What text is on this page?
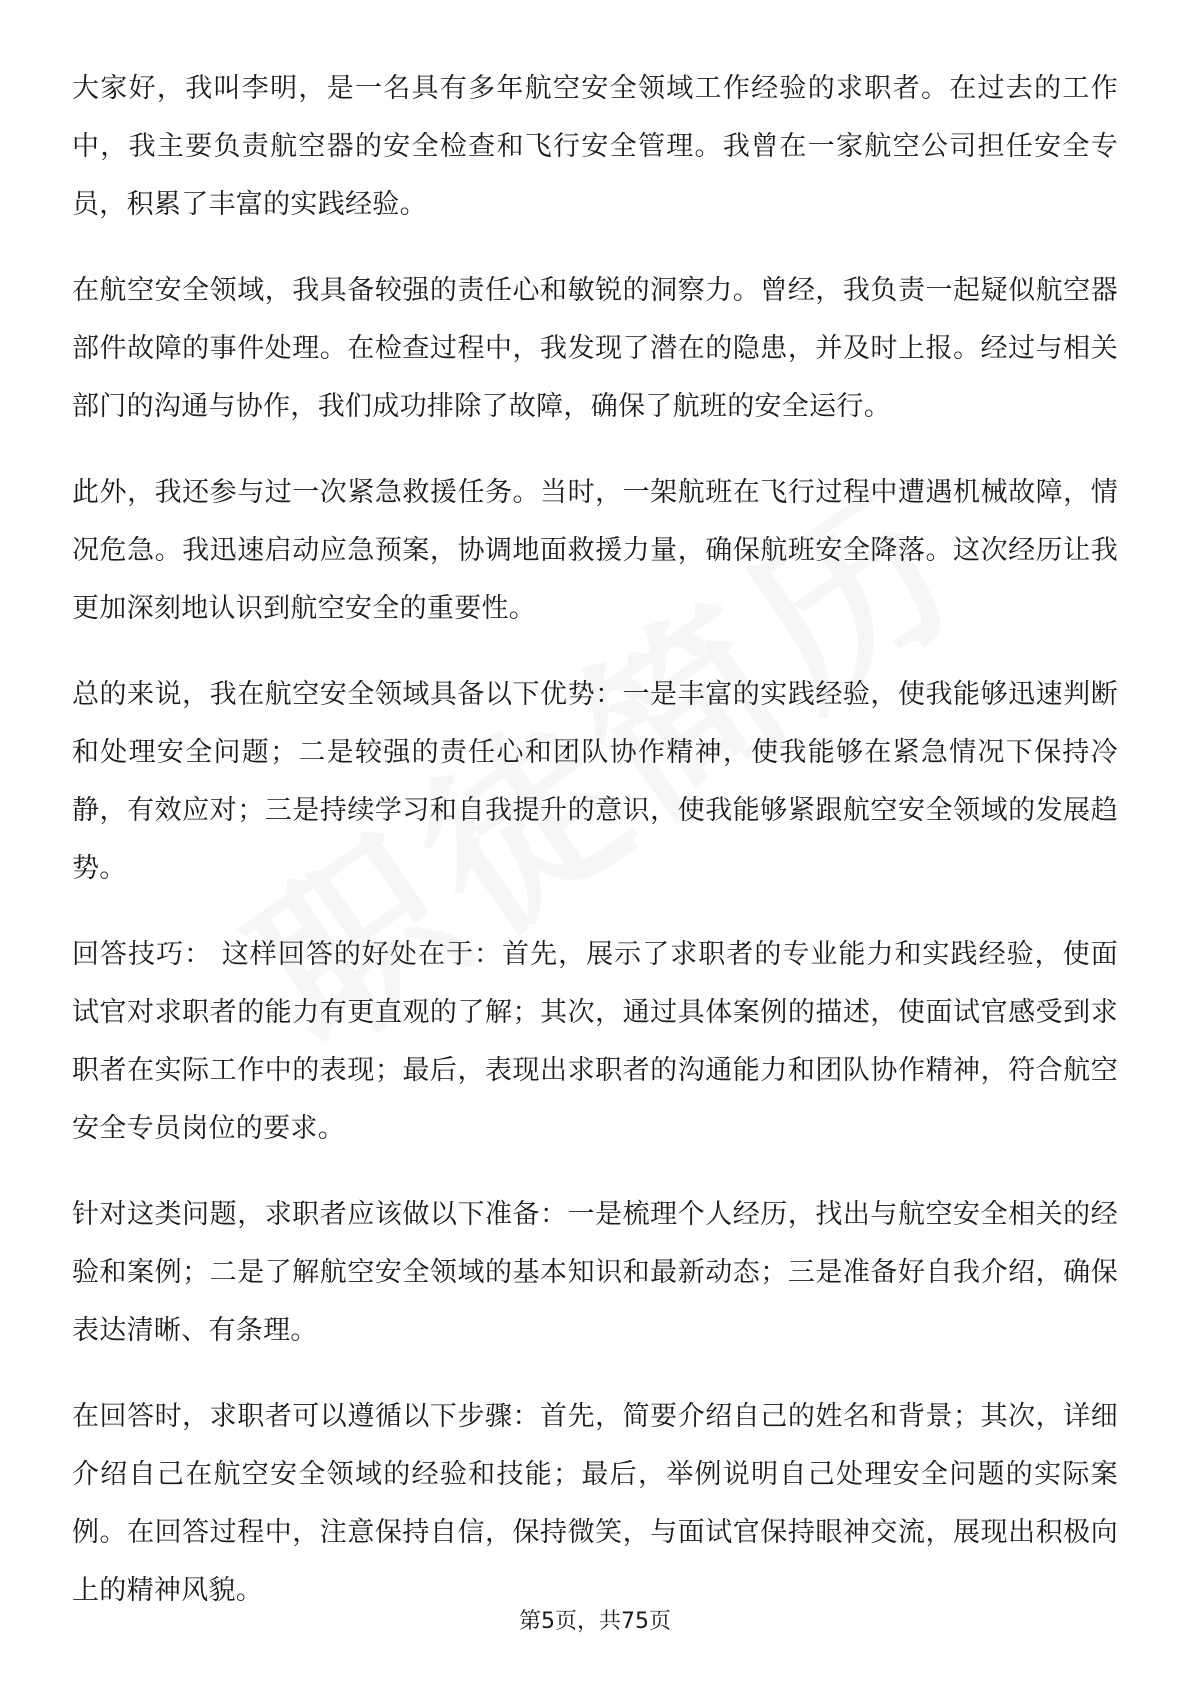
大家好，我叫李明，是一名具有多年航空安全领域工作经验的求职者。在过去的工作中，我主要负责航空器的安全检查和飞行安全管理。我曾在一家航空公司担任安全专员，积累了丰富的实践经验。

在航空安全领域，我具备较强的责任心和敏锐的洞察力。曾经，我负责一起疑似航空器部件故障的事件处理。在检查过程中，我发现了潜在的隐患，并及时上报。经过与相关部门的沟通与协作，我们成功排除了故障，确保了航班的安全运行。

此外，我还参与过一次紧急救援任务。当时，一架航班在飞行过程中遭遇机械故障，情况危急。我迅速启动应急预案，协调地面救援力量，确保航班安全降落。这次经历让我更加深刻地认识到航空安全的重要性。

总的来说，我在航空安全领域具备以下优势：一是丰富的实践经验，使我能够迅速判断和处理安全问题；二是较强的责任心和团队协作精神，使我能够在紧急情况下保持冷静，有效应对；三是持续学习和自我提升的意识，使我能够紧跟航空安全领域的发展趋势。

回答技巧： 这样回答的好处在于：首先，展示了求职者的专业能力和实践经验，使面试官对求职者的能力有更直观的了解；其次，通过具体案例的描述，使面试官感受到求职者在实际工作中的表现；最后，表现出求职者的沟通能力和团队协作精神，符合航空安全专员岗位的要求。

针对这类问题，求职者应该做以下准备：一是梳理个人经历，找出与航空安全相关的经验和案例；二是了解航空安全领域的基本知识和最新动态；三是准备好自我介绍，确保表达清晰、有条理。

在回答时，求职者可以遵循以下步骤：首先，简要介绍自己的姓名和背景；其次，详细介绍自己在航空安全领域的经验和技能；最后，举例说明自己处理安全问题的实际案例。在回答过程中，注意保持自信，保持微笑，与面试官保持眼神交流，展现出积极向上的精神风貌。

第5页，共75页
